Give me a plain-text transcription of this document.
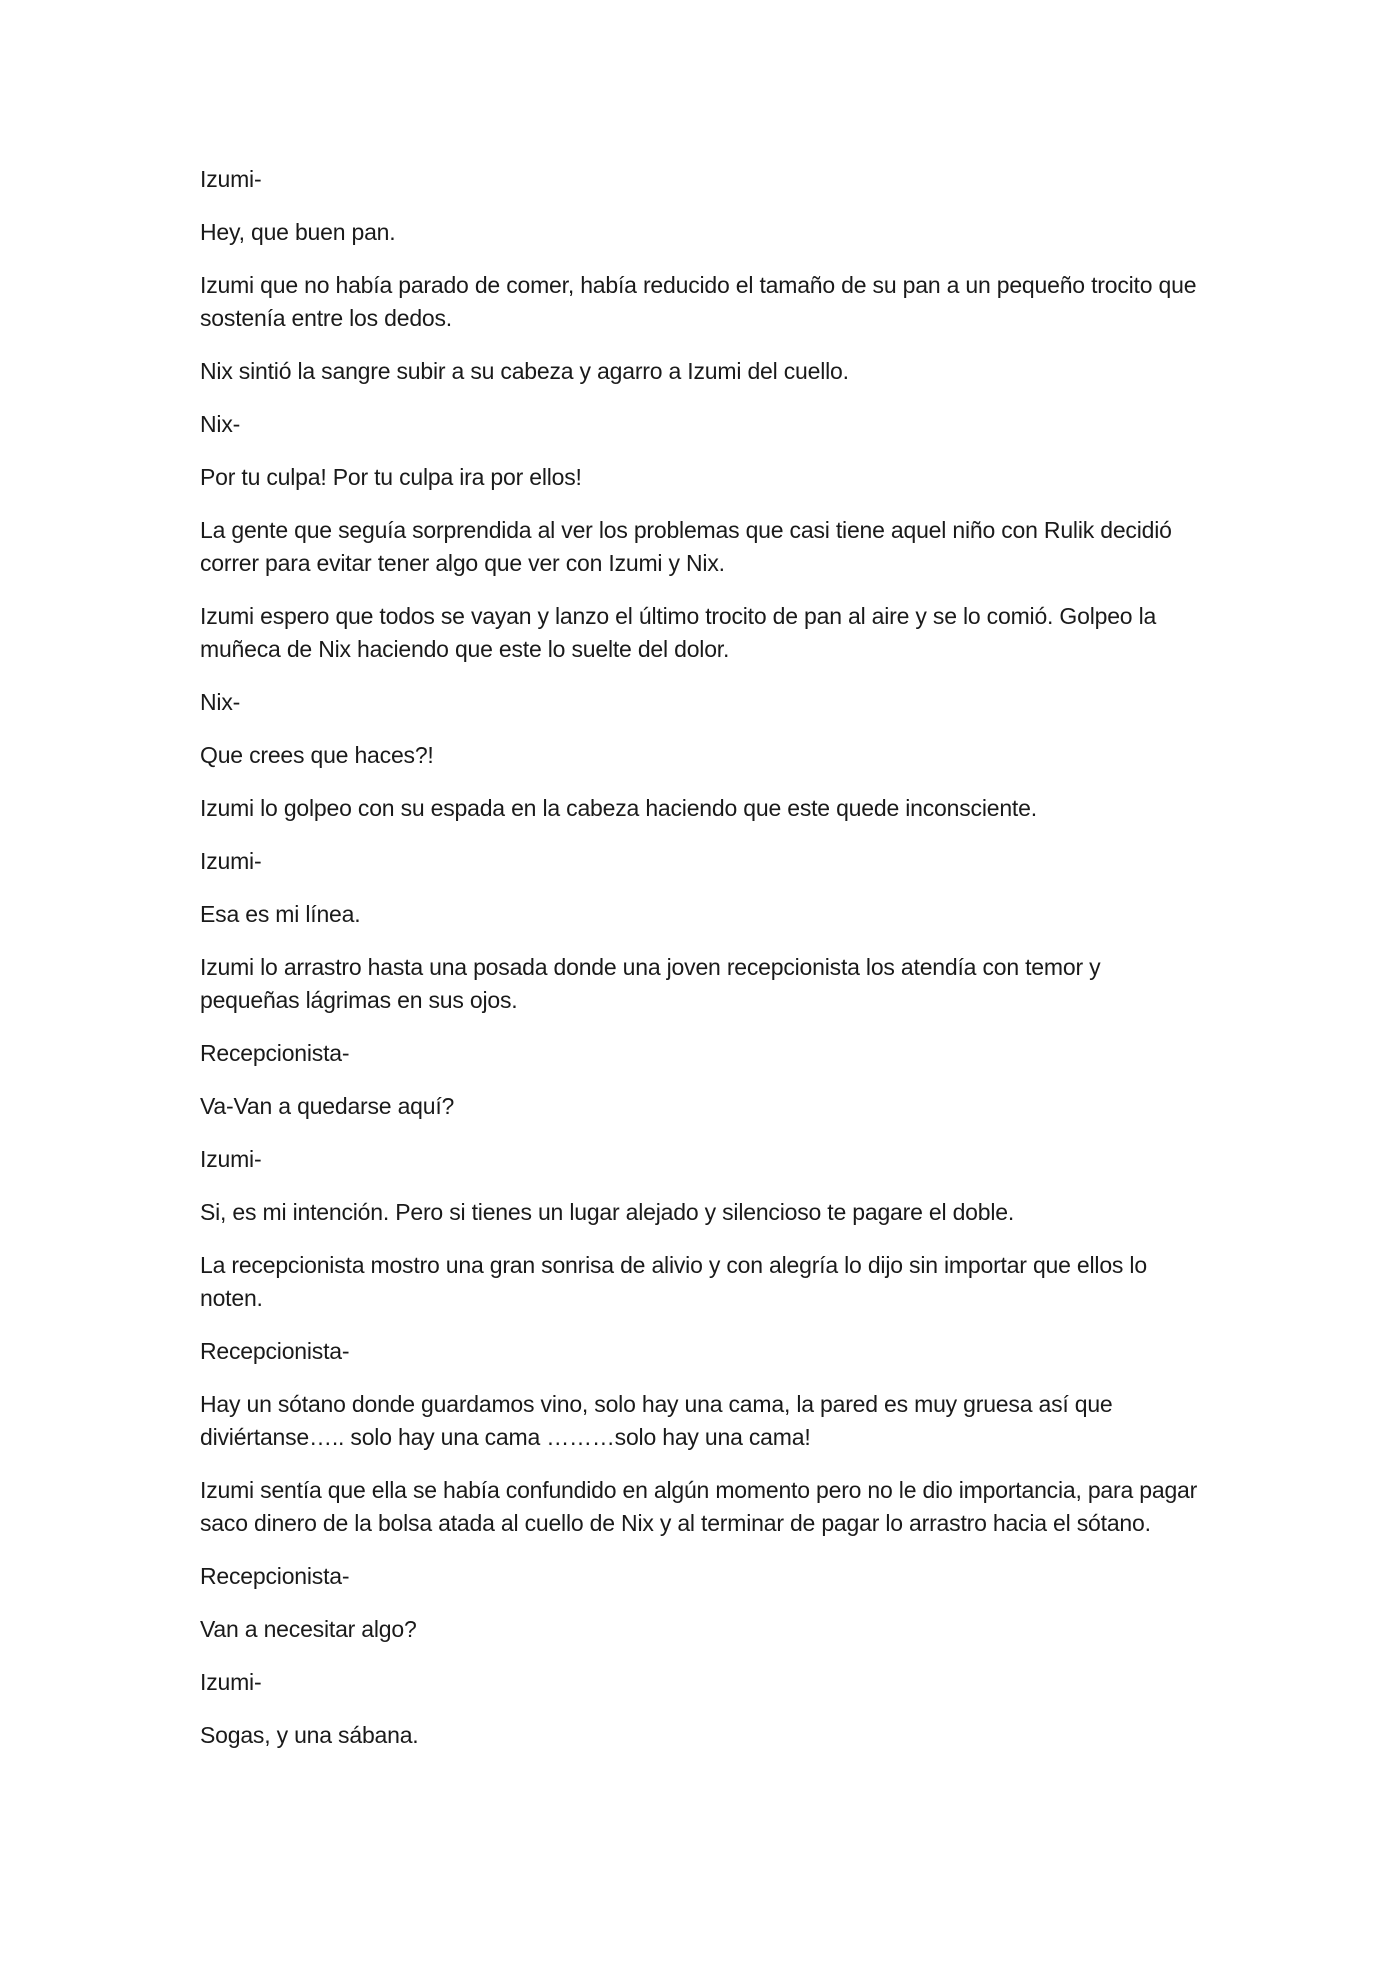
Izumi-

Hey, que buen pan.

Izumi que no había parado de comer, había reducido el tamaño de su pan a un pequeño trocito que sostenía entre los dedos.

Nix sintió la sangre subir a su cabeza y agarro a Izumi del cuello.

Nix-

Por tu culpa! Por tu culpa ira por ellos!

La gente que seguía sorprendida al ver los problemas que casi tiene aquel niño con Rulik decidió correr para evitar tener algo que ver con Izumi y Nix.

Izumi espero que todos se vayan y lanzo el último trocito de pan al aire y se lo comió. Golpeo la muñeca de Nix haciendo que este lo suelte del dolor.

Nix-

Que crees que haces?!

Izumi lo golpeo con su espada en la cabeza haciendo que este quede inconsciente.

Izumi-

Esa es mi línea.

Izumi lo arrastro hasta una posada donde una joven recepcionista los atendía con temor y pequeñas lágrimas en sus ojos.

Recepcionista-

Va-Van a quedarse aquí?

Izumi-

Si, es mi intención. Pero si tienes un lugar alejado y silencioso te pagare el doble.

La recepcionista mostro una gran sonrisa de alivio y con alegría lo dijo sin importar que ellos lo noten.

Recepcionista-

Hay un sótano donde guardamos vino, solo hay una cama, la pared es muy gruesa así que diviértanse….. solo hay una cama ………solo hay una cama!

Izumi sentía que ella se había confundido en algún momento pero no le dio importancia, para pagar saco dinero de la bolsa atada al cuello de Nix y al terminar de pagar lo arrastro hacia el sótano.

Recepcionista-

Van a necesitar algo?

Izumi-

Sogas, y una sábana.
